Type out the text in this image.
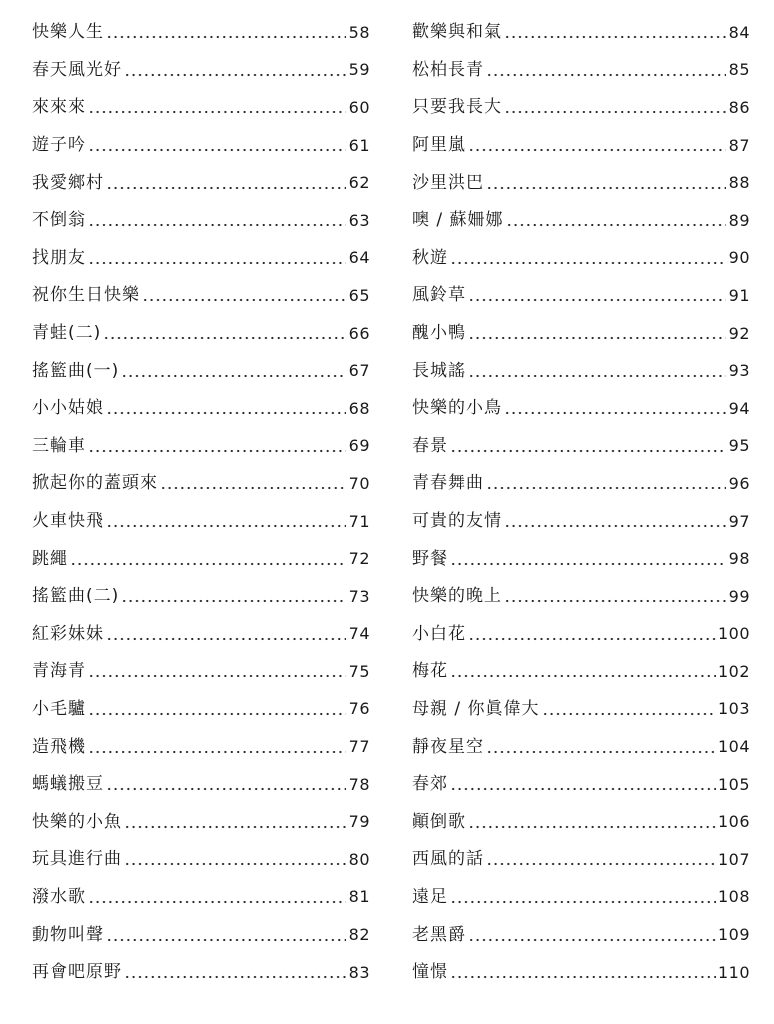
快樂人生	58
春天風光好	59
來來來	60
遊子吟	61
我愛鄉村	62
不倒翁	63
找朋友	64
祝你生日快樂	65
青蛙(二)	66
搖籃曲(一)	67
小小姑娘	68
三輪車	69
掀起你的蓋頭來	70
火車快飛	71
跳繩	72
搖籃曲(二)	73
紅彩妹妹	74
青海青	75
小毛驢	76
造飛機	77
螞蟻搬豆	78
快樂的小魚	79
玩具進行曲	80
潑水歌	81
動物叫聲	82
再會吧原野	83
歡樂與和氣	84
松柏長青	85
只要我長大	86
阿里嵐	87
沙里洪巴	88
噢 / 蘇姍娜	89
秋遊	90
風鈴草	91
醜小鴨	92
長城謠	93
快樂的小鳥	94
春景	95
青春舞曲	96
可貴的友情	97
野餐	98
快樂的晚上	99
小白花	100
梅花	102
母親 / 你眞偉大	103
靜夜星空	104
春郊	105
顚倒歌	106
西風的話	107
遠足	108
老黑爵	109
憧憬	110
